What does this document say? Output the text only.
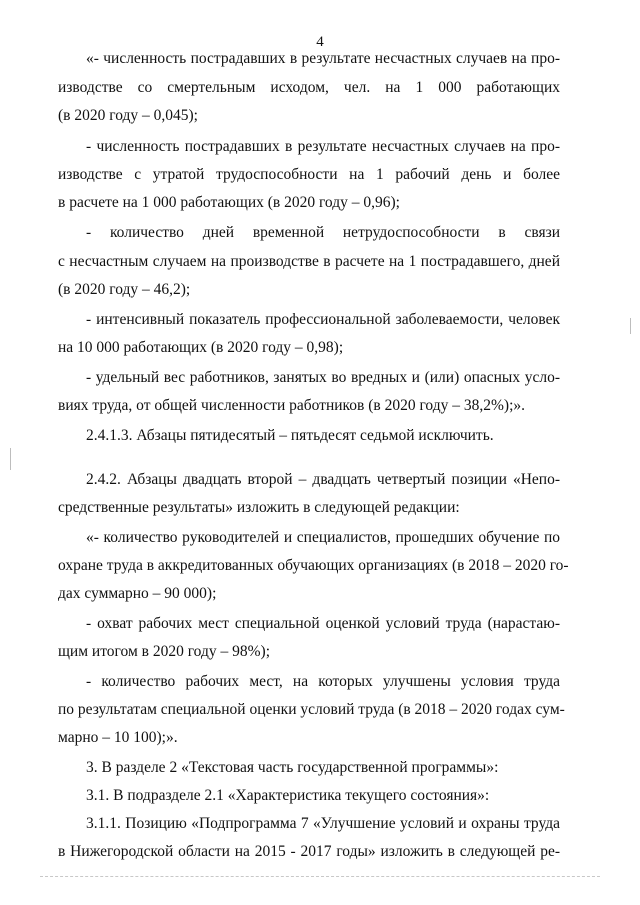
4
«- численность пострадавших в результате несчастных случаев на про-
изводстве со смертельным исходом, чел. на 1 000 работающих
(в 2020 году – 0,045);
- численность пострадавших в результате несчастных случаев на про-
изводстве с утратой трудоспособности на 1 рабочий день и более
в расчете на 1 000 работающих (в 2020 году – 0,96);
- количество дней временной нетрудоспособности в связи
с несчастным случаем на производстве в расчете на 1 пострадавшего, дней
(в 2020 году – 46,2);
- интенсивный показатель профессиональной заболеваемости, человек
на 10 000 работающих (в 2020 году – 0,98);
- удельный вес работников, занятых во вредных и (или) опасных усло-
виях труда, от общей численности работников (в 2020 году – 38,2%);».
2.4.1.3. Абзацы пятидесятый – пятьдесят седьмой исключить.
2.4.2. Абзацы двадцать второй – двадцать четвертый позиции «Непо-
средственные результаты» изложить в следующей редакции:
«- количество руководителей и специалистов, прошедших обучение по
охране труда в аккредитованных обучающих организациях (в 2018 – 2020 го-
дах суммарно – 90 000);
- охват рабочих мест специальной оценкой условий труда (нарастаю-
щим итогом в 2020 году – 98%);
- количество рабочих мест, на которых улучшены условия труда
по результатам специальной оценки условий труда (в 2018 – 2020 годах сум-
марно – 10 100);».
3. В разделе 2 «Текстовая часть государственной программы»:
3.1. В подразделе 2.1 «Характеристика текущего состояния»:
3.1.1. Позицию «Подпрограмма 7 «Улучшение условий и охраны труда
в Нижегородской области на 2015 - 2017 годы» изложить в следующей ре-
